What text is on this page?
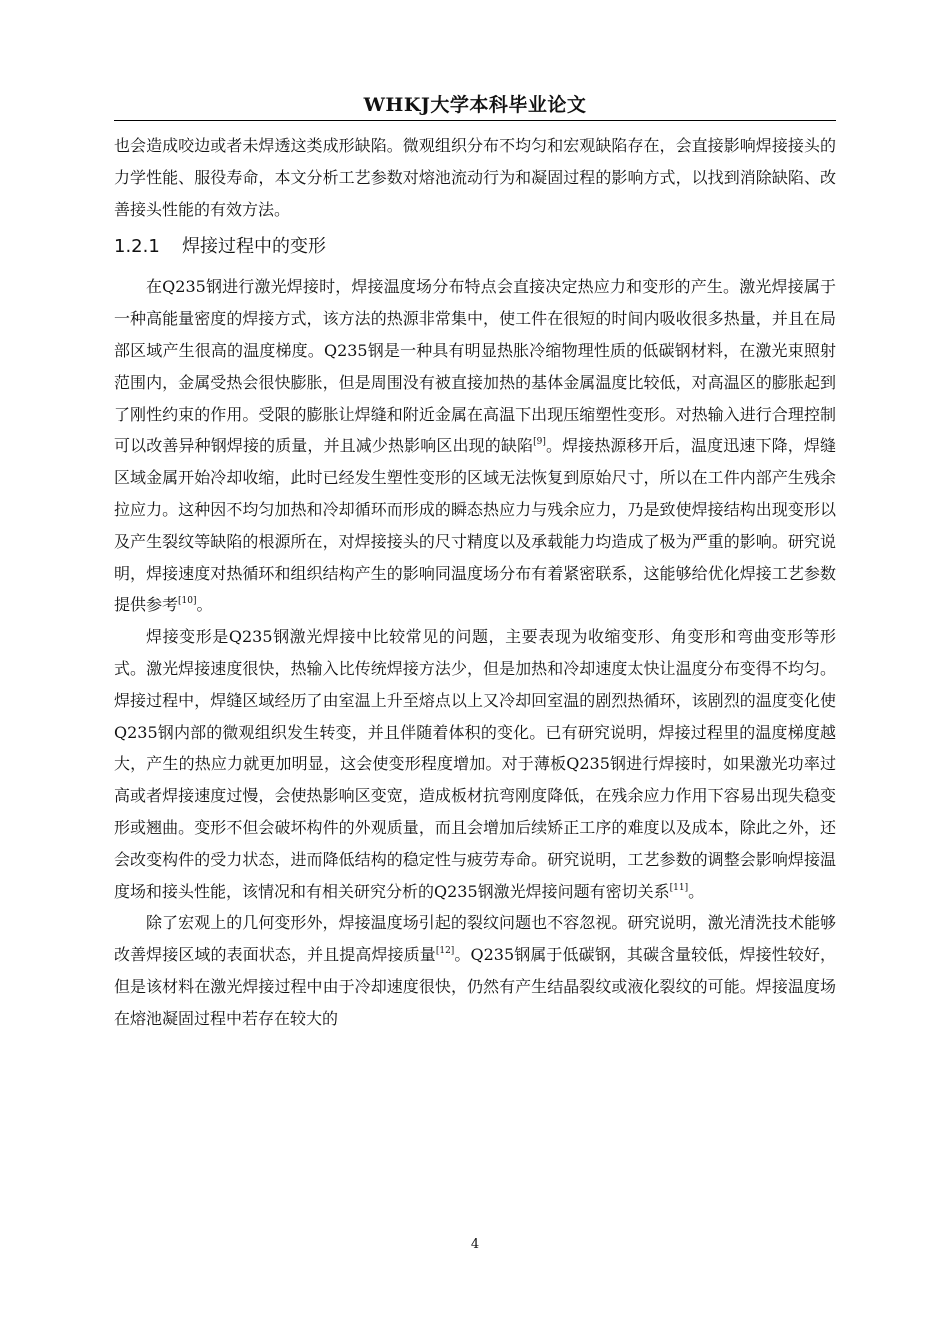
WHKJ大学本科毕业论文

也会造成咬边或者未焊透这类成形缺陷。微观组织分布不均匀和宏观缺陷存在，会直接影响焊接接头的力学性能、服役寿命，本文分析工艺参数对熔池流动行为和凝固过程的影响方式，以找到消除缺陷、改善接头性能的有效方法。

1.2.1 焊接过程中的变形

在Q235钢进行激光焊接时，焊接温度场分布特点会直接决定热应力和变形的产生。激光焊接属于一种高能量密度的焊接方式，该方法的热源非常集中，使工件在很短的时间内吸收很多热量，并且在局部区域产生很高的温度梯度。Q235钢是一种具有明显热胀冷缩物理性质的低碳钢材料，在激光束照射范围内，金属受热会很快膨胀，但是周围没有被直接加热的基体金属温度比较低，对高温区的膨胀起到了刚性约束的作用。受限的膨胀让焊缝和附近金属在高温下出现压缩塑性变形。对热输入进行合理控制可以改善异种钢焊接的质量，并且减少热影响区出现的缺陷[9]。焊接热源移开后，温度迅速下降，焊缝区域金属开始冷却收缩，此时已经发生塑性变形的区域无法恢复到原始尺寸，所以在工件内部产生残余拉应力。这种因不均匀加热和冷却循环而形成的瞬态热应力与残余应力，乃是致使焊接结构出现变形以及产生裂纹等缺陷的根源所在，对焊接接头的尺寸精度以及承载能力均造成了极为严重的影响。研究说明，焊接速度对热循环和组织结构产生的影响同温度场分布有着紧密联系，这能够给优化焊接工艺参数提供参考[10]。

焊接变形是Q235钢激光焊接中比较常见的问题，主要表现为收缩变形、角变形和弯曲变形等形式。激光焊接速度很快，热输入比传统焊接方法少，但是加热和冷却速度太快让温度分布变得不均匀。焊接过程中，焊缝区域经历了由室温上升至熔点以上又冷却回室温的剧烈热循环，该剧烈的温度变化使Q235钢内部的微观组织发生转变，并且伴随着体积的变化。已有研究说明，焊接过程里的温度梯度越大，产生的热应力就更加明显，这会使变形程度增加。对于薄板Q235钢进行焊接时，如果激光功率过高或者焊接速度过慢，会使热影响区变宽，造成板材抗弯刚度降低，在残余应力作用下容易出现失稳变形或翘曲。变形不但会破坏构件的外观质量，而且会增加后续矫正工序的难度以及成本，除此之外，还会改变构件的受力状态，进而降低结构的稳定性与疲劳寿命。研究说明，工艺参数的调整会影响焊接温度场和接头性能，该情况和有相关研究分析的Q235钢激光焊接问题有密切关系[11]。

除了宏观上的几何变形外，焊接温度场引起的裂纹问题也不容忽视。研究说明，激光清洗技术能够改善焊接区域的表面状态，并且提高焊接质量[12]。Q235钢属于低碳钢，其碳含量较低，焊接性较好，但是该材料在激光焊接过程中由于冷却速度很快，仍然有产生结晶裂纹或液化裂纹的可能。焊接温度场在熔池凝固过程中若存在较大的

4
